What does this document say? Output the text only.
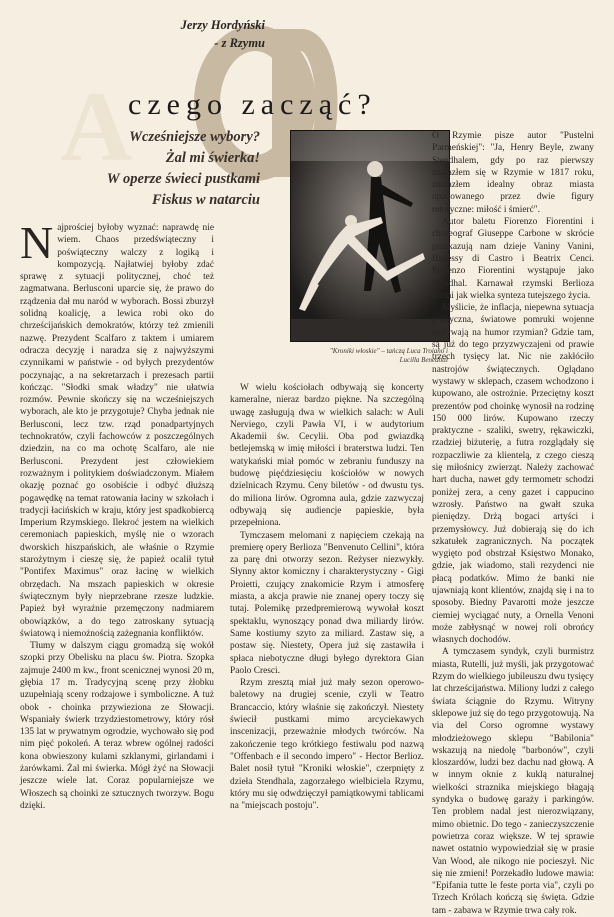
A
Jerzy Hordyński
- z Rzymu
czego zacząć?
Wcześniejsze wybory?
Żal mi świerka!
W operze świeci pustkami
Fiskus w natarciu
"Kroniki włoskie" – tańczą Luca Troiano i Lucilla Benedotti
N ajprościej byłoby wyznać: naprawdę nie wiem. Chaos przedświąteczny i poświąteczny walczy z logiką i kompozycją. Najłatwiej byłoby zdać sprawę z sytuacji politycznej, choć też zagmatwana. Berlusconi uparcie się, że prawo do rządzenia dał mu naród w wyborach. Bossi zburzył solidną koalicję, a lewica robi oko do chrześcijańskich demokratów, którzy też zmienili nazwę. Prezydent Scalfaro z taktem i umiarem odracza decyzję i naradza się z najwyższymi czynnikami w państwie - od byłych prezydentów poczynając, a na sekretarzach i prezesach partii kończąc. "Słodki smak władzy" nie ułatwia rozmów. Pewnie skończy się na wcześniejszych wyborach, ale kto je przygotuje? Chyba jednak nie Berlusconi, lecz tzw. rząd ponadpartyjnych technokratów, czyli fachowców z poszczególnych dziedzin, na co ma ochotę Scalfaro, ale nie Berlusconi. Prezydent jest człowiekiem rozważnym i politykiem doświadczonym. Miałem okazję poznać go osobiście i odbyć dłuższą pogawędkę na temat ratowania łaciny w szkołach i tradycji łacińskich w kraju, który jest spadkobiercą Imperium Rzymskiego. Ilekroć jestem na wielkich ceremoniach papieskich, myślę nie o wzorach dworskich hiszpańskich, ale właśnie o Rzymie starożytnym i cieszę się, że papież ocalił tytuł "Pontifex Maximus" oraz łacinę w wielkich obrzędach. Na mszach papieskich w okresie świątecznym były nieprzebrane rzesze ludzkie. Papież był wyraźnie przemęczony nadmiarem obowiązków, a do tego zatroskany sytuacją światową i niemożnością zażegnania konfliktów.

Tłumy w dalszym ciągu gromadzą się wokół szopki przy Obelisku na placu św. Piotra. Szopka zajmuje 2400 m kw., front scenicznej wynosi 20 m, głębia 17 m. Tradycyjną scenę przy żłobku uzupełniają sceny rodzajowe i symboliczne. A tuż obok - choinka przywieziona ze Słowacji. Wspaniały świerk trzydziestometrowy, który rósł 135 lat w prywatnym ogrodzie, wychowało się pod nim pięć pokoleń. A teraz wbrew ogólnej radości kona obwieszony kulami szklanymi, girlandami i żarówkami. Żal mi świerka. Mógł żyć na Słowacji jeszcze wiele lat. Coraz popularniejsze we Włoszech są choinki ze sztucznych tworzyw. Bogu dzięki.

W wielu kościołach odbywają się koncerty kameralne, nieraz bardzo piękne. Na szczególną uwagę zasługują dwa w wielkich salach: w Auli Nerviego, czyli Pawła VI, i w audytorium Akademii św. Cecylii. Oba pod gwiazdką betlejemską w imię miłości i braterstwa ludzi. Ten watykański miał pomóc w zebraniu funduszy na budowę pięćdziesięciu kościołów w nowych dzielnicach Rzymu. Ceny biletów - od dwustu tys. do miliona lirów. Ogromna aula, gdzie zazwyczaj odbywają się audiencje papieskie, była przepełniona.

Tymczasem melomani z napięciem czekają na premierę opery Berlioza "Benvenuto Cellini", która za parę dni otworzy sezon. Reżyser niezwykły. Słynny aktor komiczny i charakterystyczny - Gigi Proietti, czujący znakomicie Rzym i atmosferę miasta, a akcja prawie nie znanej opery toczy się tutaj. Polemikę przedpremierową wywołał koszt spektaklu, wynoszący ponad dwa miliardy lirów. Same kostiumy szyto za miliard. Zastaw się, a postaw się. Niestety, Opera już się zastawiła i spłaca niebotyczne długi byłego dyrektora Gian Paolo Cresci.

Rzym zresztą miał już mały sezon operowo-baletowy na drugiej scenie, czyli w Teatro Brancaccio, który właśnie się zakończył. Niestety świecił pustkami mimo arcyciekawych inscenizacji, przeważnie młodych twórców. Na zakończenie tego krótkiego festiwalu pod nazwą "Offenbach e il secondo impero" - Hector Berlioz. Balet nosił tytuł "Kroniki włoskie", czerpnięty z dzieła Stendhala, zagorzałego wielbiciela Rzymu, który mu się odwdzięczył pamiątkowymi tablicami na "miejscach postoju".

O Rzymie pisze autor "Pustelni Parmeńskiej": "Ja, Henry Beyle, zwany Stendhalem, gdy po raz pierwszy znalazłem się w Rzymie w 1817 roku, znalazłem idealny obraz miasta opanowanego przez dwie figury retoryczne: miłość i śmierć".

Autor baletu Fiorenzo Fiorentini i choreograf Giuseppe Carbone w skrócie przekazują nam dzieje Vaniny Vanini, Badessy di Castro i Beatrix Cenci. Fiorenzo Fiorentini wystąpuje jako Stendhal. Karnawał rzymski Berlioza brzmi jak wielka synteza tutejszego życia.

Myślicie, że inflacja, niepewna sytuacja polityczna, światowe pomruki wojenne wpływają na humor rzymian? Gdzie tam, są już do tego przyzwyczajeni od prawie trzech tysięcy lat. Nic nie zakłóciło nastrojów świątecznych. Oglądano wystawy w sklepach, czasem wchodzono i kupowano, ale ostrożnie. Przeciętny koszt prezentów pod choinkę wynosił na rodzinę 150 000 lirów. Kupowano rzeczy praktyczne - szaliki, swetry, rękawiczki, rzadziej biżuterię, a futra rozglądały się rozpaczliwie za klientelą, z czego cieszą się miłośnicy zwierząt. Należy zachować hart ducha, nawet gdy termometr schodzi poniżej zera, a ceny gazet i cappucino wzrosły. Państwo na gwałt szuka pieniędzy. Drżą bogaci artyści i przemysłowcy. Już dobierają się do ich szkatułek zagranicznych. Na początek wygięto pod obstrzał Księstwo Monako, gdzie, jak wiadomo, stali rezydenci nie płacą podatków. Mimo że banki nie ujawniają kont klientów, znajdą się i na to sposoby. Biedny Pavarotti może jeszcze ciemiej wyciągać nuty, a Ornella Venoni może zabłysnąć w nowej roli obrońcy własnych dochodów.

A tymczasem syndyk, czyli burmistrz miasta, Rutelli, już myśli, jak przygotować Rzym do wielkiego jubileuszu dwu tysięcy lat chrześcijaństwa. Miliony ludzi z całego świata ściągnie do Rzymu. Witryny sklepowe już się do tego przygotowują. Na via del Corso ogromne wystawy młodzieżowego sklepu "Babilonia" wskazują na niedolę "barbonów", czyli kloszardów, ludzi bez dachu nad głową. A w innym oknie z kuklą naturalnej wielkości straznika miejskiego błagają syndyka o budowę garaży i parkingów. Ten problem nadal jest nierozwiązany, mimo obietnic. Do tego - zanieczyszczenie powietrza coraz większe. W tej sprawie nawet ostatnio wypowiedział się w prasie Van Wood, ale nikogo nie pocieszył. Nic się nie zmieni! Porzekadło ludowe mawia: "Epifania tutte le feste porta via", czyli po Trzech Królach kończą się święta. Gdzie tam - zabawa w Rzymie trwa cały rok.
